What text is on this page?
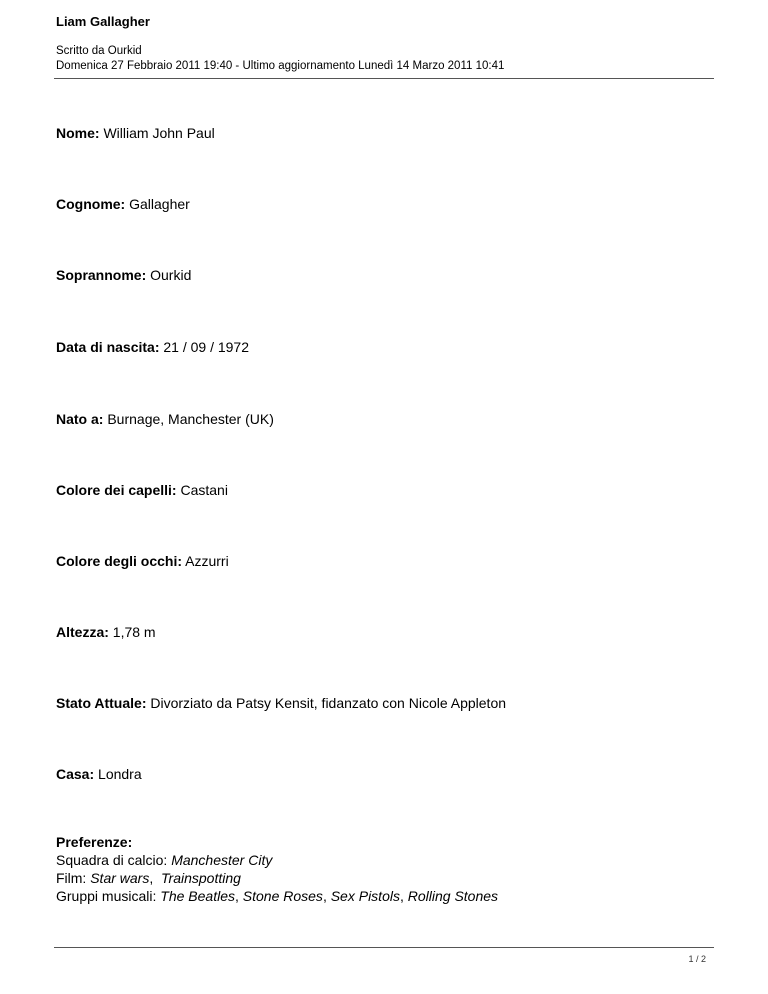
Liam Gallagher
Scritto da Ourkid
Domenica 27 Febbraio 2011 19:40 - Ultimo aggiornamento Lunedì 14 Marzo 2011 10:41
Nome: William John Paul
Cognome: Gallagher
Soprannome: Ourkid
Data di nascita: 21 / 09 / 1972
Nato a: Burnage, Manchester (UK)
Colore dei capelli: Castani
Colore degli occhi: Azzurri
Altezza: 1,78 m
Stato Attuale: Divorziato da Patsy Kensit, fidanzato con Nicole Appleton
Casa: Londra
Preferenze:
Squadra di calcio: Manchester City
Film: Star wars,  Trainspotting
Gruppi musicali: The Beatles, Stone Roses, Sex Pistols, Rolling Stones
1 / 2
